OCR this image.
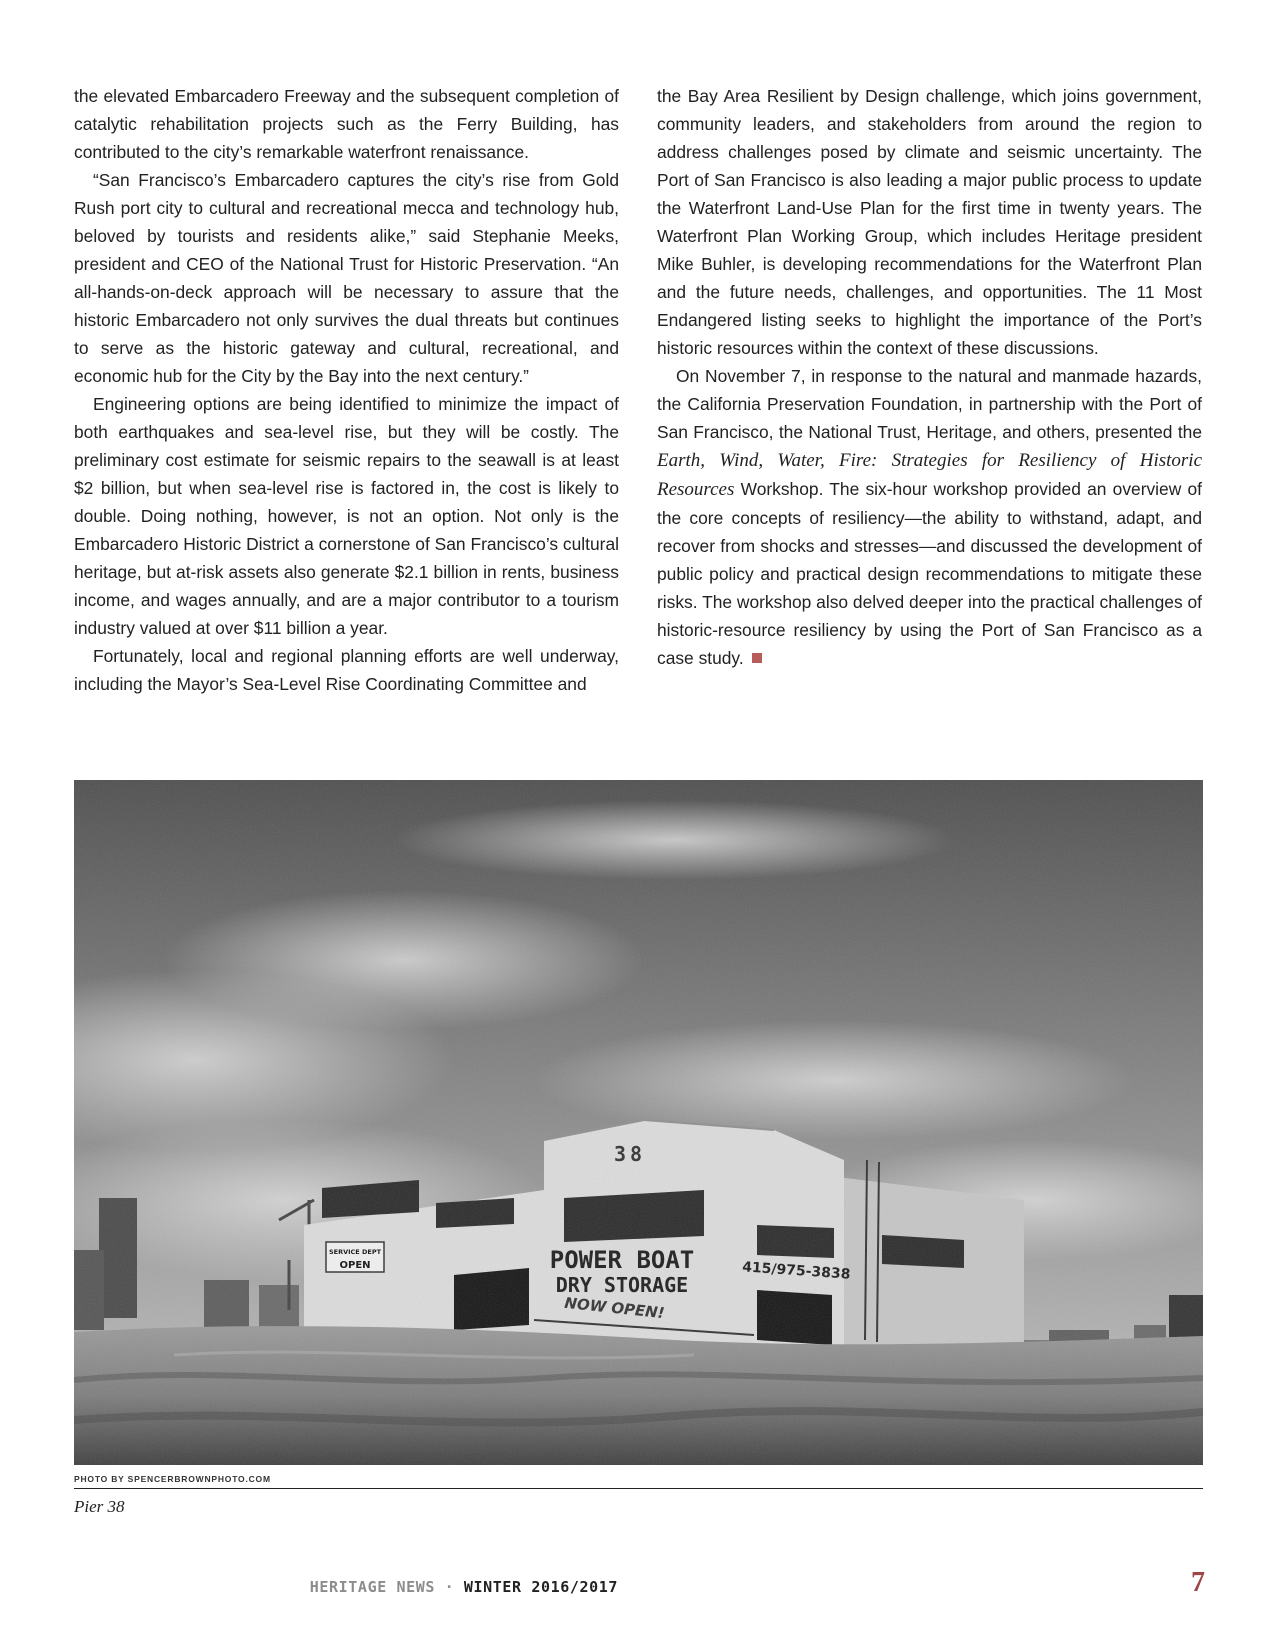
the elevated Embarcadero Freeway and the subsequent completion of catalytic rehabilitation projects such as the Ferry Building, has contributed to the city’s remarkable waterfront renaissance.

“San Francisco’s Embarcadero captures the city’s rise from Gold Rush port city to cultural and recreational mecca and technology hub, beloved by tourists and residents alike,” said Stephanie Meeks, president and CEO of the National Trust for Historic Preservation. “An all-hands-on-deck approach will be necessary to assure that the historic Embarcadero not only survives the dual threats but continues to serve as the historic gateway and cultural, recreational, and economic hub for the City by the Bay into the next century.”

Engineering options are being identified to minimize the impact of both earthquakes and sea-level rise, but they will be costly. The preliminary cost estimate for seismic repairs to the seawall is at least $2 billion, but when sea-level rise is factored in, the cost is likely to double. Doing nothing, however, is not an option. Not only is the Embarcadero Historic District a cornerstone of San Francisco’s cultural heritage, but at-risk assets also generate $2.1 billion in rents, business income, and wages annually, and are a major contributor to a tourism industry valued at over $11 billion a year.

Fortunately, local and regional planning efforts are well underway, including the Mayor’s Sea-Level Rise Coordinating Committee and

the Bay Area Resilient by Design challenge, which joins government, community leaders, and stakeholders from around the region to address challenges posed by climate and seismic uncertainty. The Port of San Francisco is also leading a major public process to update the Waterfront Land-Use Plan for the first time in twenty years. The Waterfront Plan Working Group, which includes Heritage president Mike Buhler, is developing recommendations for the Waterfront Plan and the future needs, challenges, and opportunities. The 11 Most Endangered listing seeks to highlight the importance of the Port’s historic resources within the context of these discussions.

On November 7, in response to the natural and manmade hazards, the California Preservation Foundation, in partnership with the Port of San Francisco, the National Trust, Heritage, and others, presented the Earth, Wind, Water, Fire: Strategies for Resiliency of Historic Resources Workshop. The six-hour workshop provided an overview of the core concepts of resiliency—the ability to withstand, adapt, and recover from shocks and stresses—and discussed the development of public policy and practical design recommendations to mitigate these risks. The workshop also delved deeper into the practical challenges of historic-resource resiliency by using the Port of San Francisco as a case study.

PHOTO BY SPENCERBROWNPHOTO.COM
Pier 38
HERITAGE NEWS · WINTER 2016/2017	7
